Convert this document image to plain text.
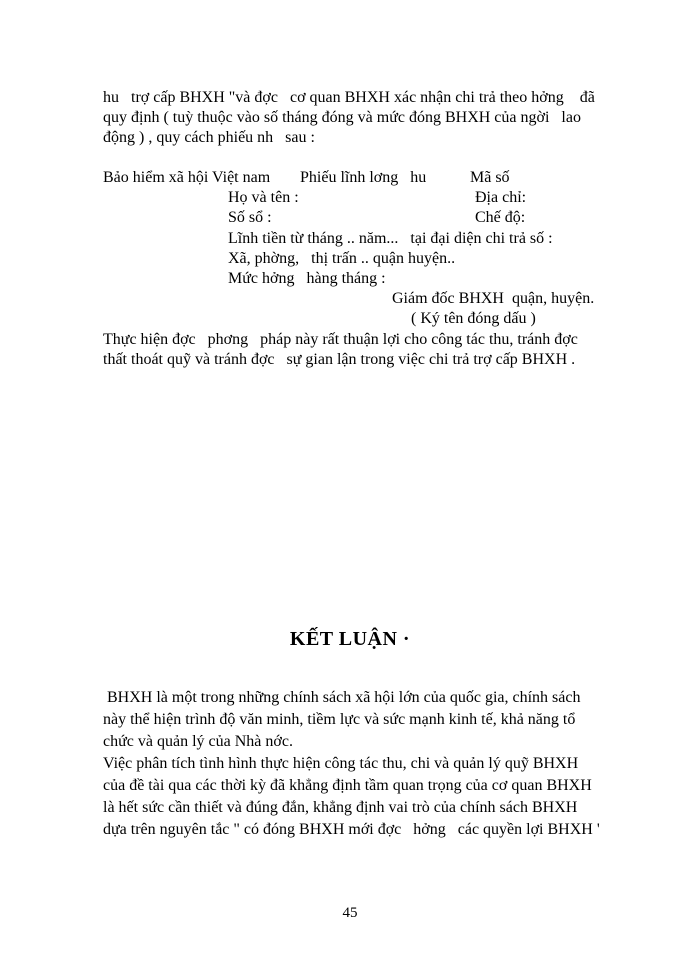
hu   trợ cấp BHXH "và đợc   cơ quan BHXH xác nhận chi trả theo hởng    đã
quy định ( tuỳ thuộc vào số tháng đóng và mức đóng BHXH của ngời   lao
động ) , quy cách phiếu nh   sau :
Bảo hiểm xã hội Việt nam Phiếu lĩnh lơng   hu	Mã số
Họ và tên :	Địa chỉ:
Số sổ :	Chế độ:
Lĩnh tiền từ tháng .. năm...   tại đại diện chi trả số :
Xã, phờng,   thị trấn .. quận huyện..
Mức hởng   hàng tháng :
Giám đốc BHXH  quận, huyện.
( Ký tên đóng dấu )
Thực hiện đợc   phơng   pháp này rất thuận lợi cho công tác thu, tránh đợc
thất thoát quỹ và tránh đợc   sự gian lận trong việc chi trả trợ cấp BHXH .
KẾT LUẬN ·
BHXH là một trong những chính sách xã hội lớn của quốc gia, chính sách
này thể hiện trình độ văn minh, tiềm lực và sức mạnh kinh tế, khả năng tổ
chức và quản lý của Nhà nớc.
Việc phân tích tình hình thực hiện công tác thu, chi và quản lý quỹ BHXH
của đề tài qua các thời kỳ đã khẳng định tầm quan trọng của cơ quan BHXH
là hết sức cần thiết và đúng đắn, khẳng định vai trò của chính sách BHXH
dựa trên nguyên tắc " có đóng BHXH mới đợc   hởng   các quyền lợi BHXH '
45
